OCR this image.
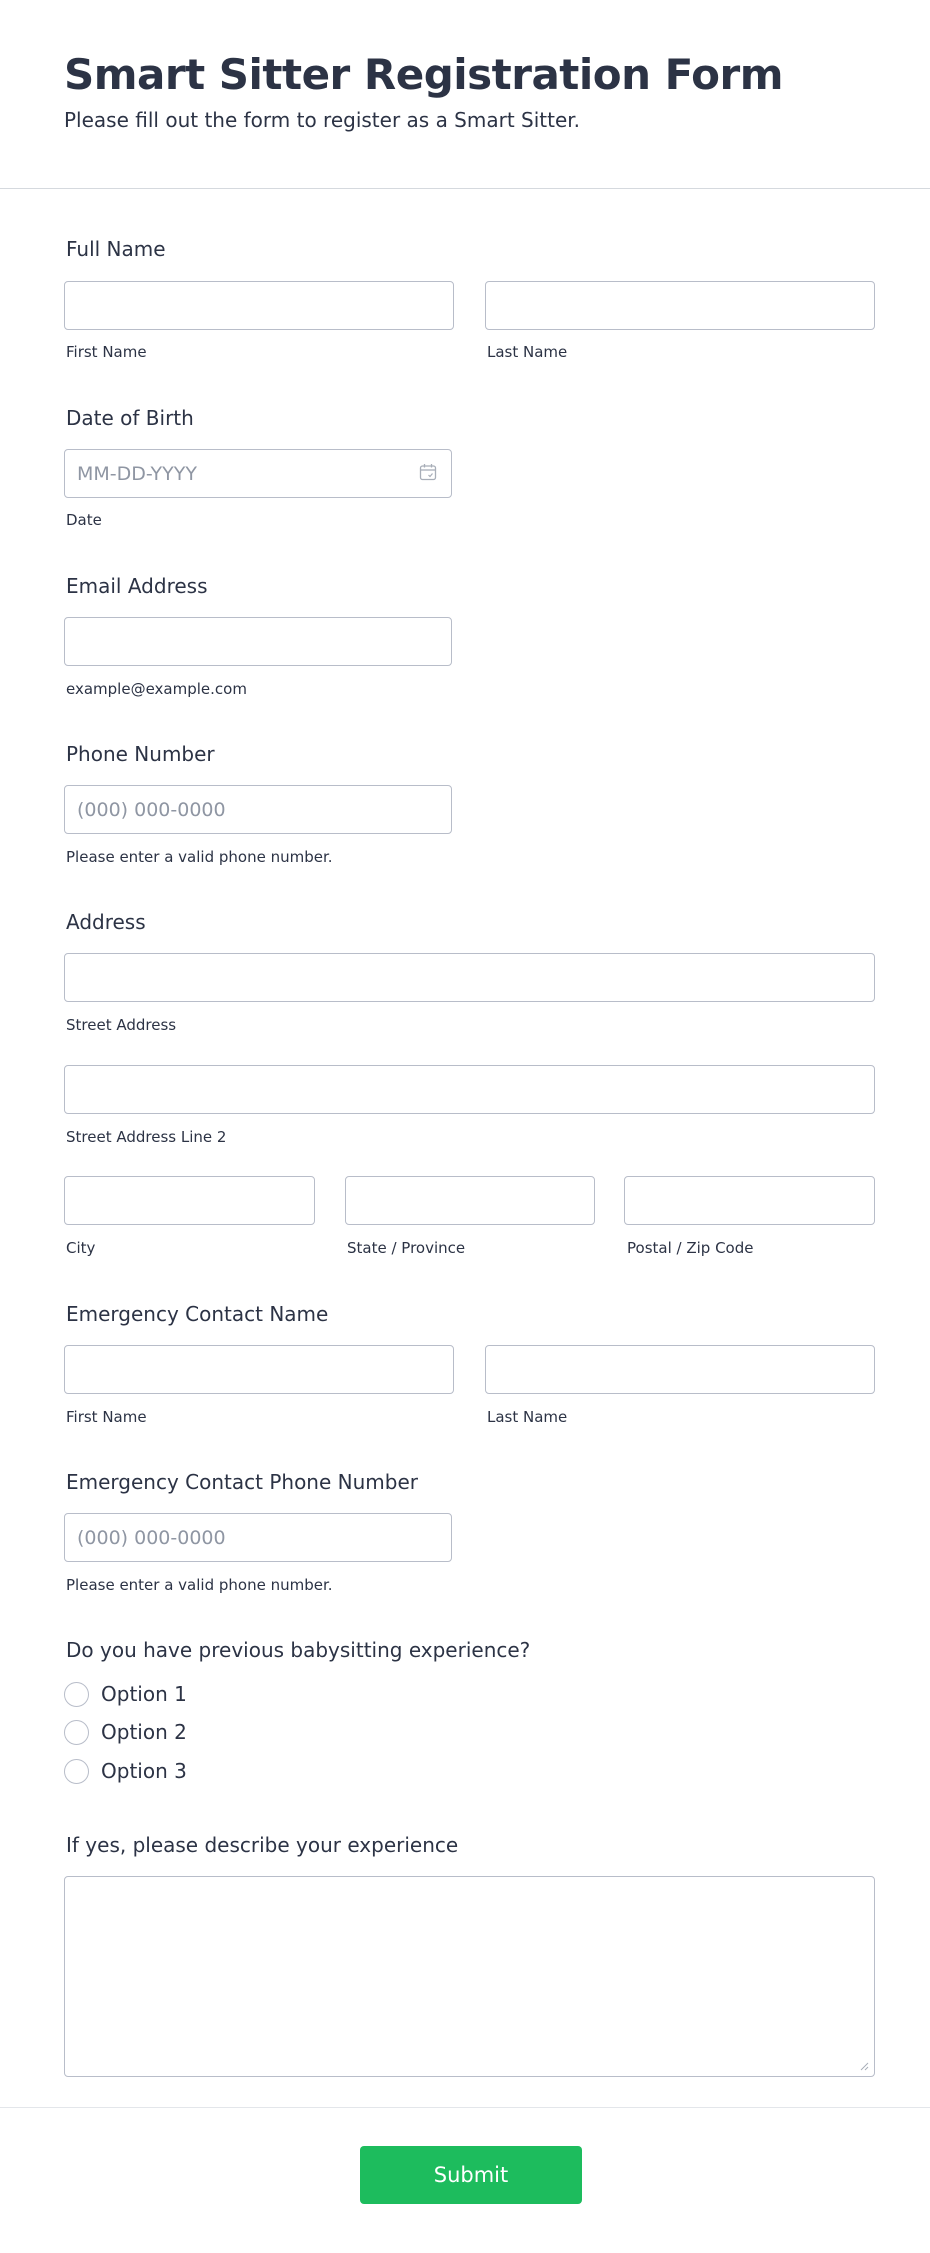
Smart Sitter Registration Form

Please fill out the form to register as a Smart Sitter.

Full Name
First Name	Last Name
Date of Birth
MM-DD-YYYY
Date
Email Address
example@example.com
Phone Number
(000) 000-0000
Please enter a valid phone number.
Address
Street Address
Street Address Line 2
City	State / Province	Postal / Zip Code
Emergency Contact Name
First Name	Last Name
Emergency Contact Phone Number
(000) 000-0000
Please enter a valid phone number.
Do you have previous babysitting experience?
Option 1
Option 2
Option 3
If yes, please describe your experience
Submit
